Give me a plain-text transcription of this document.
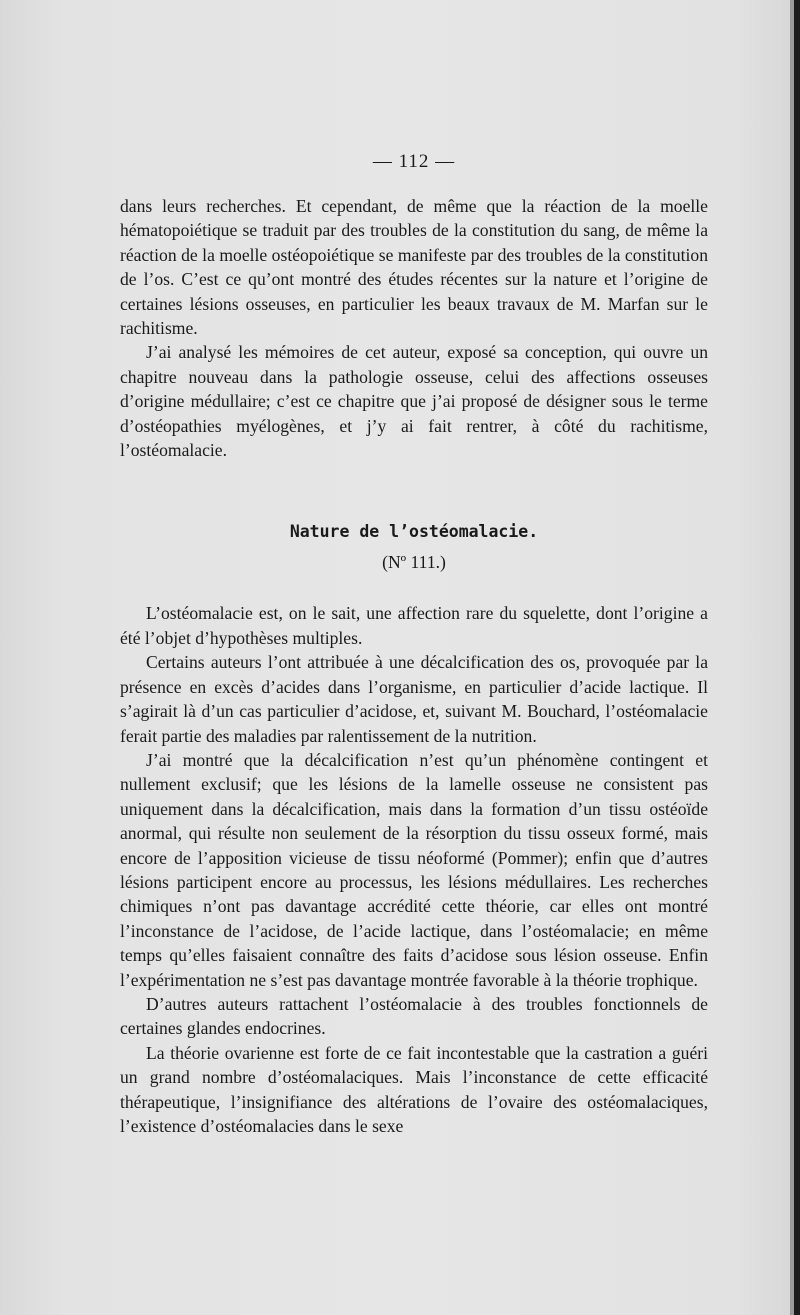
— 112 —

dans leurs recherches. Et cependant, de même que la réaction de la moelle hématopoiétique se traduit par des troubles de la constitution du sang, de même la réaction de la moelle ostéopoiétique se manifeste par des troubles de la constitution de l’os. C’est ce qu’ont montré des études récentes sur la nature et l’origine de certaines lésions osseuses, en particulier les beaux travaux de M. Marfan sur le rachitisme.

J’ai analysé les mémoires de cet auteur, exposé sa conception, qui ouvre un chapitre nouveau dans la pathologie osseuse, celui des affections osseuses d’origine médullaire; c’est ce chapitre que j’ai proposé de désigner sous le terme d’ostéopathies myélogènes, et j’y ai fait rentrer, à côté du rachitisme, l’ostéomalacie.

Nature de l’ostéomalacie.
(Nº 111.)

L’ostéomalacie est, on le sait, une affection rare du squelette, dont l’origine a été l’objet d’hypothèses multiples.

Certains auteurs l’ont attribuée à une décalcification des os, provoquée par la présence en excès d’acides dans l’organisme, en particulier d’acide lactique. Il s’agirait là d’un cas particulier d’acidose, et, suivant M. Bouchard, l’ostéomalacie ferait partie des maladies par ralentissement de la nutrition.

J’ai montré que la décalcification n’est qu’un phénomène contingent et nullement exclusif; que les lésions de la lamelle osseuse ne consistent pas uniquement dans la décalcification, mais dans la formation d’un tissu ostéoïde anormal, qui résulte non seulement de la résorption du tissu osseux formé, mais encore de l’apposition vicieuse de tissu néoformé (Pommer); enfin que d’autres lésions participent encore au processus, les lésions médullaires. Les recherches chimiques n’ont pas davantage accrédité cette théorie, car elles ont montré l’inconstance de l’acidose, de l’acide lactique, dans l’ostéomalacie; en même temps qu’elles faisaient connaître des faits d’acidose sous lésion osseuse. Enfin l’expérimentation ne s’est pas davantage montrée favorable à la théorie trophique.

D’autres auteurs rattachent l’ostéomalacie à des troubles fonctionnels de certaines glandes endocrines.

La théorie ovarienne est forte de ce fait incontestable que la castration a guéri un grand nombre d’ostéomalaciques. Mais l’inconstance de cette efficacité thérapeutique, l’insignifiance des altérations de l’ovaire des ostéomalaciques, l’existence d’ostéomalacies dans le sexe
